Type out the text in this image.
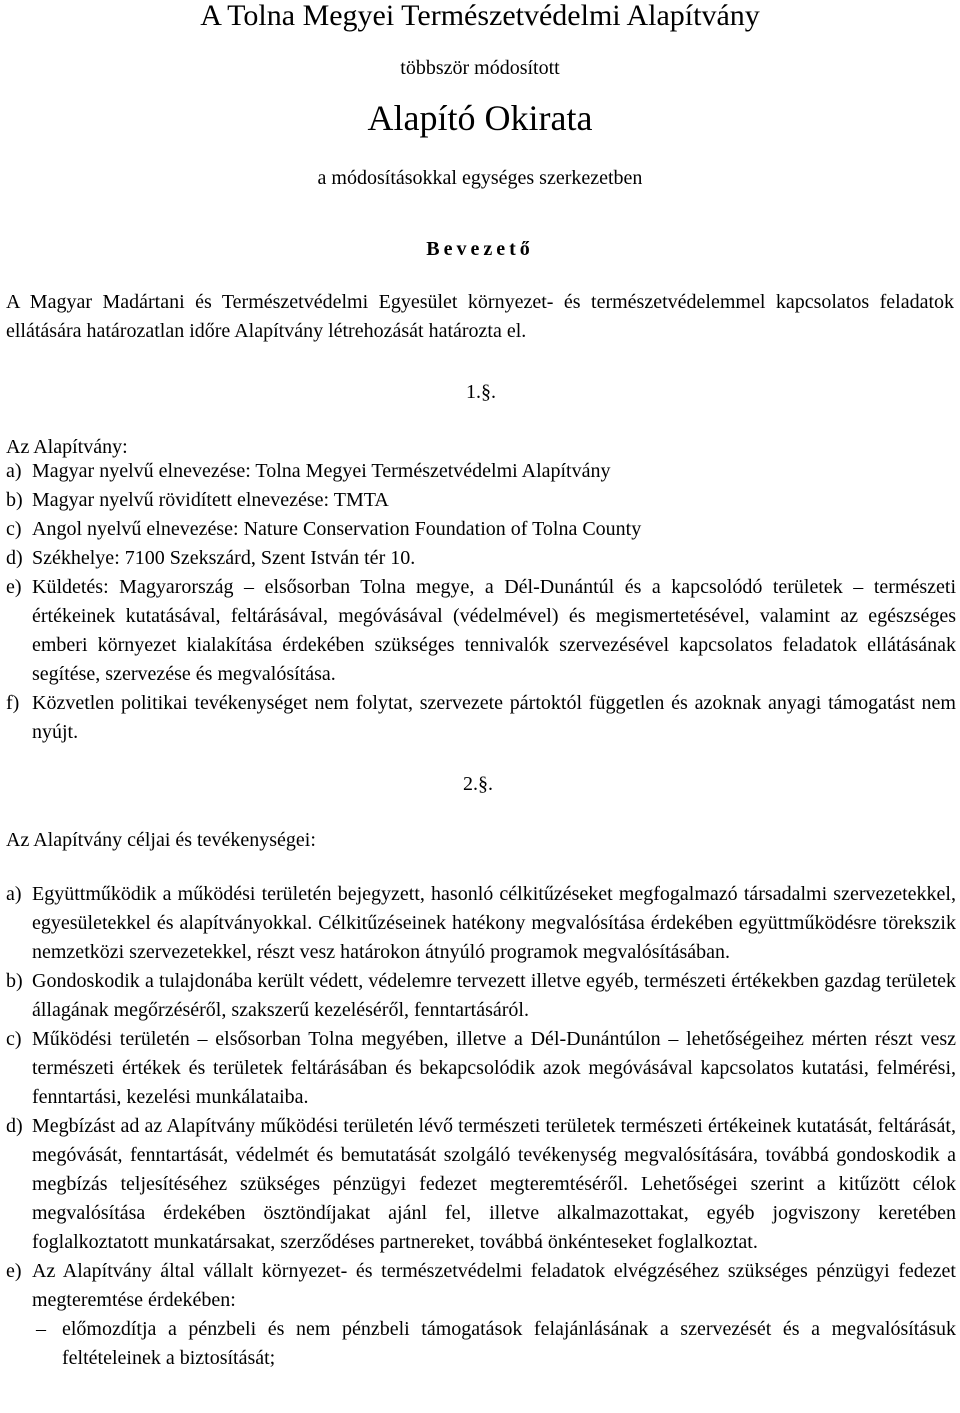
A Tolna Megyei Természetvédelmi Alapítvány
többször módosított
Alapító Okirata
a módosításokkal egységes szerkezetben
Bevezető
A Magyar Madártani és Természetvédelmi Egyesület környezet- és természetvédelemmel kapcsolatos feladatok ellátására határozatlan időre Alapítvány létrehozását határozta el.
1.§.
Az Alapítvány:
a) Magyar nyelvű elnevezése: Tolna Megyei Természetvédelmi Alapítvány
b) Magyar nyelvű rövidített elnevezése: TMTA
c) Angol nyelvű elnevezése: Nature Conservation Foundation of Tolna County
d) Székhelye: 7100 Szekszárd, Szent István tér 10.
e) Küldetés: Magyarország – elsősorban Tolna megye, a Dél-Dunántúl és a kapcsolódó területek – természeti értékeinek kutatásával, feltárásával, megóvásával (védelmével) és megismertetésével, valamint az egészséges emberi környezet kialakítása érdekében szükséges tennivalók szervezésével kapcsolatos feladatok ellátásának segítése, szervezése és megvalósítása.
f) Közvetlen politikai tevékenységet nem folytat, szervezete pártoktól független és azoknak anyagi támogatást nem nyújt.
2.§.
Az Alapítvány céljai és tevékenységei:
a) Együttműködik a működési területén bejegyzett, hasonló célkitűzéseket megfogalmazó társadalmi szervezetekkel, egyesületekkel és alapítványokkal. Célkitűzéseinek hatékony megvalósítása érdekében együttműködésre törekszik nemzetközi szervezetekkel, részt vesz határokon átnyúló programok megvalósításában.
b) Gondoskodik a tulajdonába került védett, védelemre tervezett illetve egyéb, természeti értékekben gazdag területek állagának megőrzéséről, szakszerű kezeléséről, fenntartásáról.
c) Működési területén – elsősorban Tolna megyében, illetve a Dél-Dunántúlon – lehetőségeihez mérten részt vesz természeti értékek és területek feltárásában és bekapcsolódik azok megóvásával kapcsolatos kutatási, felmérési, fenntartási, kezelési munkálataiba.
d) Megbízást ad az Alapítvány működési területén lévő természeti területek természeti értékeinek kutatását, feltárását, megóvását, fenntartását, védelmét és bemutatását szolgáló tevékenység megvalósítására, továbbá gondoskodik a megbízás teljesítéséhez szükséges pénzügyi fedezet megteremtéséről. Lehetőségei szerint a kitűzött célok megvalósítása érdekében ösztöndíjakat ajánl fel, illetve alkalmazottakat, egyéb jogviszony keretében foglalkoztatott munkatársakat, szerződéses partnereket, továbbá önkénteseket foglalkoztat.
e) Az Alapítvány által vállalt környezet- és természetvédelmi feladatok elvégzéséhez szükséges pénzügyi fedezet megteremtése érdekében:
– előmozdítja a pénzbeli és nem pénzbeli támogatások felajánlásának a szervezését és a megvalósításuk feltételeinek a biztosítását;
